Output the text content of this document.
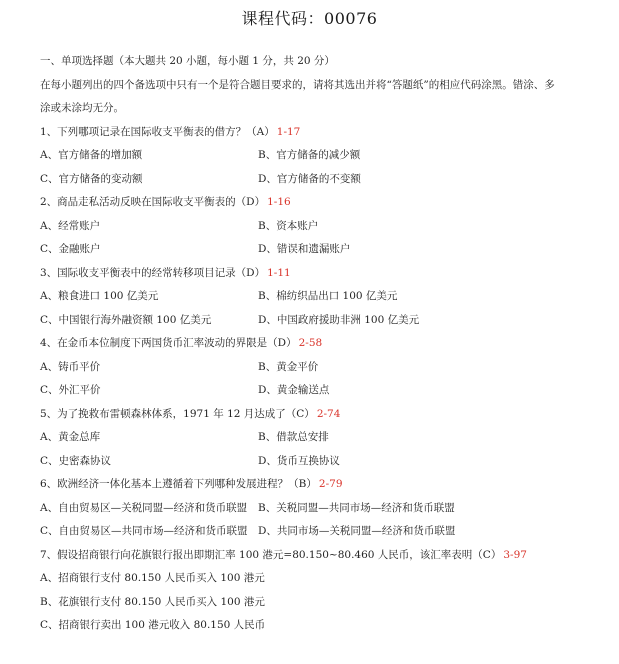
课程代码：00076
一、单项选择题（本大题共 20 小题，每小题 1 分，共 20 分）
在每小题列出的四个备选项中只有一个是符合题目要求的，请将其选出并将“答题纸”的相应代码涂黑。错涂、多
涂或未涂均无分。
1、下列哪项记录在国际收支平衡表的借方？（A） 1-17
A、官方储备的增加额	B、官方储备的减少额
C、官方储备的变动额	D、官方储备的不变额
2、商品走私活动反映在国际收支平衡表的（D） 1-16
A、经常账户	B、资本账户
C、金融账户	D、错误和遗漏账户
3、国际收支平衡表中的经常转移项目记录（D） 1-11
A、粮食进口 100 亿美元	B、棉纺织品出口 100 亿美元
C、中国银行海外融资额 100 亿美元	D、中国政府援助非洲 100 亿美元
4、在金币本位制度下两国货币汇率波动的界限是（D） 2-58
A、铸币平价	B、黄金平价
C、外汇平价	D、黄金输送点
5、为了挽救布雷顿森林体系，1971 年 12 月达成了（C） 2-74
A、黄金总库	B、借款总安排
C、史密森协议	D、货币互换协议
6、欧洲经济一体化基本上遵循着下列哪种发展进程？（B） 2-79
A、自由贸易区—关税同盟—经济和货币联盟	B、关税同盟—共同市场—经济和货币联盟
C、自由贸易区—共同市场—经济和货币联盟 D、共同市场—关税同盟—经济和货币联盟
7、假设招商银行向花旗银行报出即期汇率 100 港元=80.150~80.460 人民币，该汇率表明（C） 3-97
A、招商银行支付 80.150 人民币买入 100 港元
B、花旗银行支付 80.150 人民币买入 100 港元
C、招商银行卖出 100 港元收入 80.150 人民币
